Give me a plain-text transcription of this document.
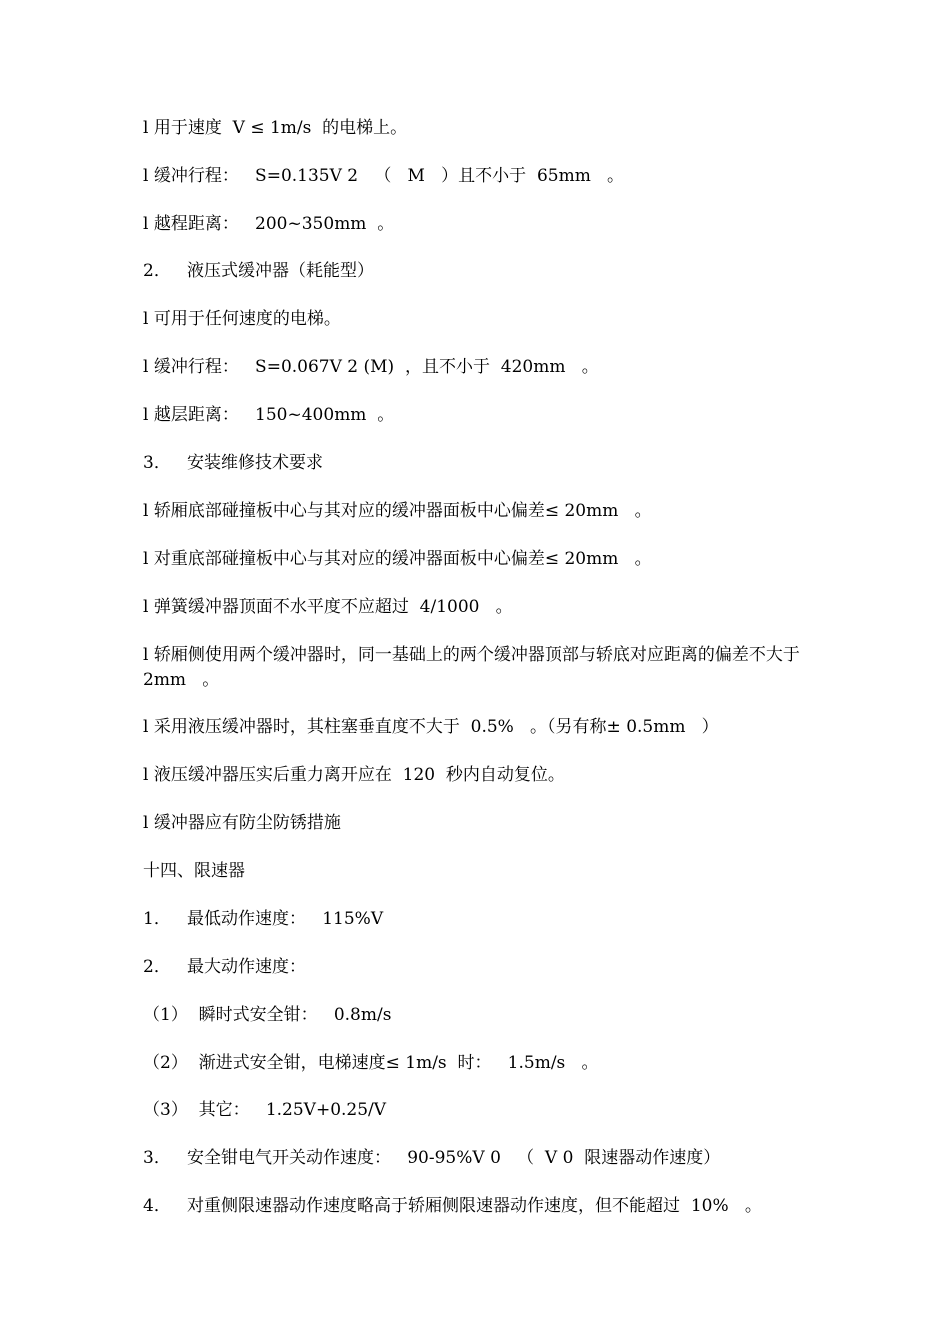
l 用于速度  V ≤ 1m/s  的电梯上。
l 缓冲行程：   S=0.135V 2   （   M   ）且不小于  65mm   。
l 越程距离：   200~350mm  。
2．   液压式缓冲器（耗能型）
l 可用于任何速度的电梯。
l 缓冲行程：   S=0.067V 2 (M)  ，且不小于  420mm   。
l 越层距离：   150~400mm  。
3．   安装维修技术要求
l 轿厢底部碰撞板中心与其对应的缓冲器面板中心偏差≤ 20mm   。
l 对重底部碰撞板中心与其对应的缓冲器面板中心偏差≤ 20mm   。
l 弹簧缓冲器顶面不水平度不应超过  4/1000   。
l 轿厢侧使用两个缓冲器时，同一基础上的两个缓冲器顶部与轿底对应距离的偏差不大于   2mm   。
l 采用液压缓冲器时，其柱塞垂直度不大于  0.5%   。（另有称± 0.5mm   ）
l 液压缓冲器压实后重力离开应在  120  秒内自动复位。
l 缓冲器应有防尘防锈措施
十四、限速器
1．   最低动作速度：   115%V
2．   最大动作速度：
（1）  瞬时式安全钳：   0.8m/s
（2）  渐进式安全钳，电梯速度≤ 1m/s  时：   1.5m/s   。
（3）  其它：   1.25V+0.25/V
3．   安全钳电气开关动作速度：   90-95%V 0   （  V 0  限速器动作速度）
4．   对重侧限速器动作速度略高于轿厢侧限速器动作速度，但不能超过  10%   。
